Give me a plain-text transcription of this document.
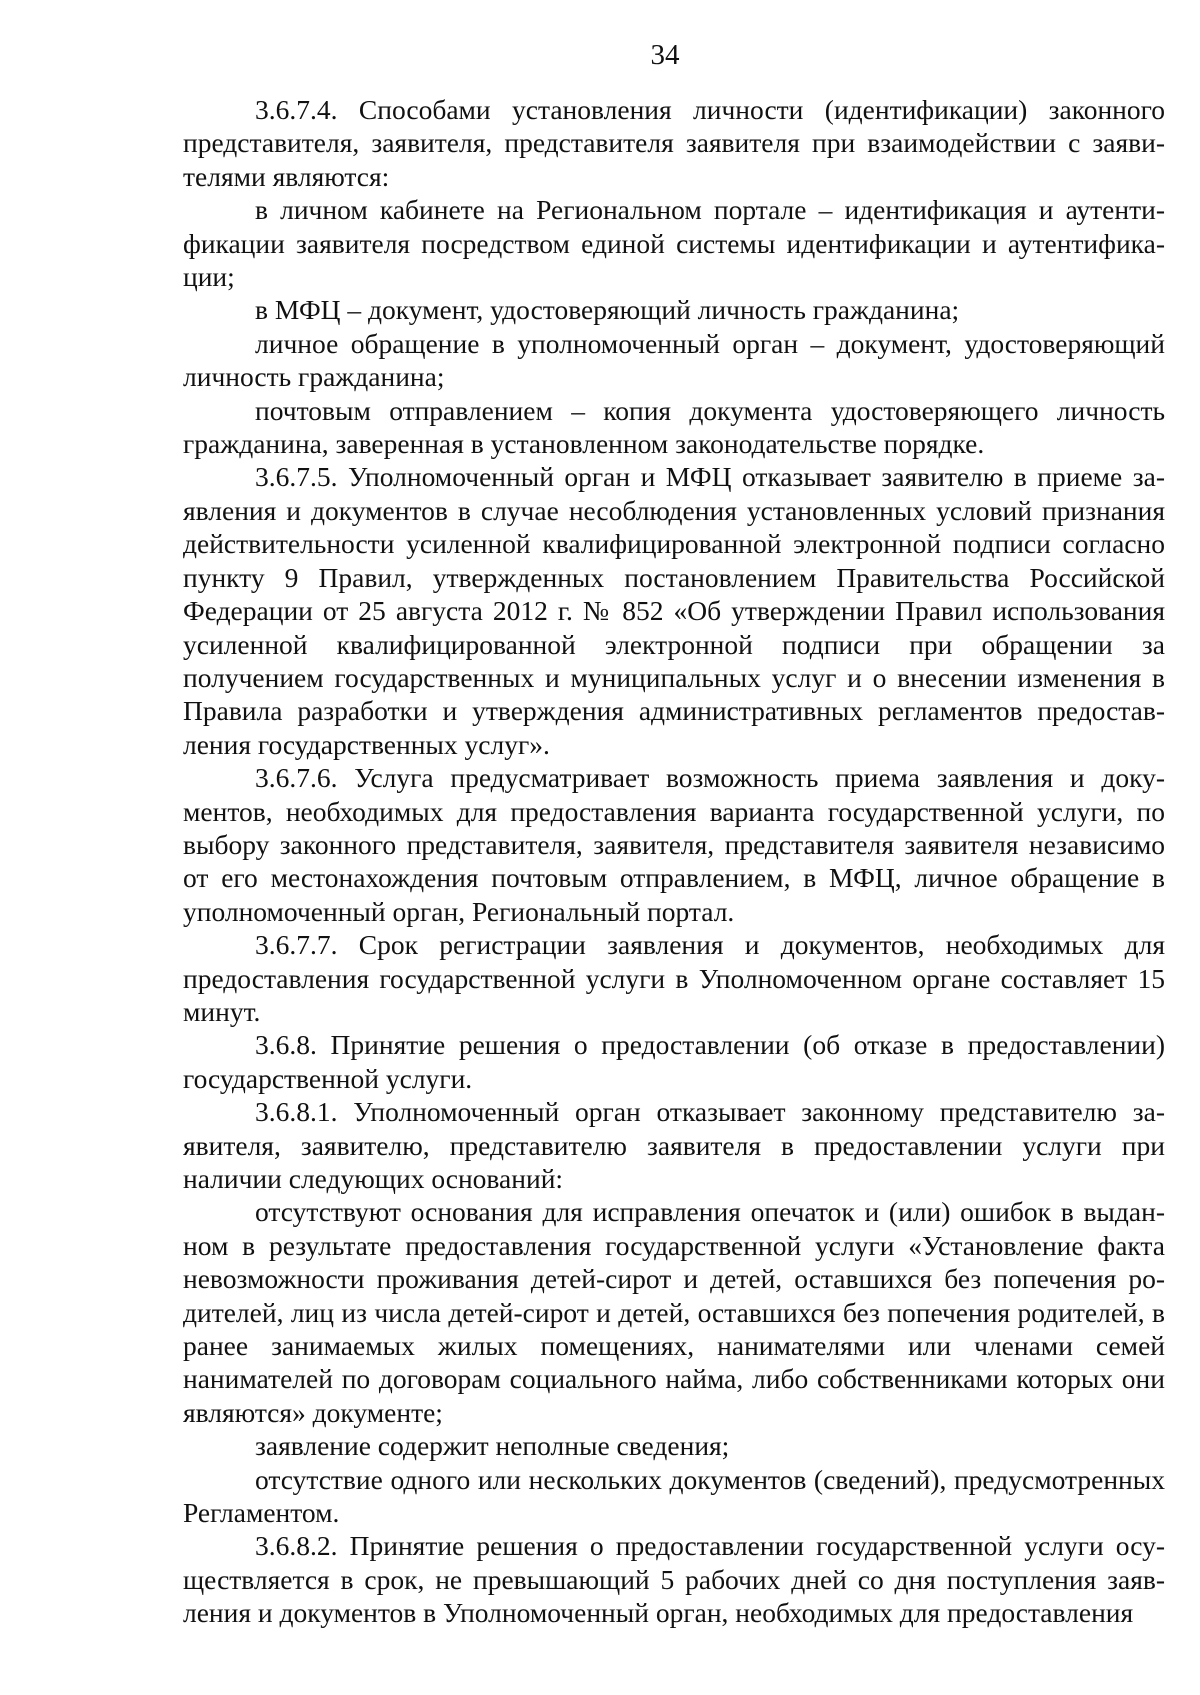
34

3.6.7.4. Способами установления личности (идентификации) законного представителя, заявителя, представителя заявителя при взаимодействии с заявителями являются:

в личном кабинете на Региональном портале – идентификация и аутентификации заявителя посредством единой системы идентификации и аутентификации;

в МФЦ – документ, удостоверяющий личность гражданина;

личное обращение в уполномоченный орган – документ, удостоверяющий личность гражданина;

почтовым отправлением – копия документа удостоверяющего личность гражданина, заверенная в установленном законодательстве порядке.

3.6.7.5. Уполномоченный орган и МФЦ отказывает заявителю в приеме заявления и документов в случае несоблюдения установленных условий признания действительности усиленной квалифицированной электронной подписи согласно пункту 9 Правил, утвержденных постановлением Правительства Российской Федерации от 25 августа 2012 г. № 852 «Об утверждении Правил использования усиленной квалифицированной электронной подписи при обращении за получением государственных и муниципальных услуг и о внесении изменения в Правила разработки и утверждения административных регламентов предоставления государственных услуг».

3.6.7.6. Услуга предусматривает возможность приема заявления и документов, необходимых для предоставления варианта государственной услуги, по выбору законного представителя, заявителя, представителя заявителя независимо от его местонахождения почтовым отправлением, в МФЦ, личное обращение в уполномоченный орган, Региональный портал.

3.6.7.7. Срок регистрации заявления и документов, необходимых для предоставления государственной услуги в Уполномоченном органе составляет 15 минут.

3.6.8. Принятие решения о предоставлении (об отказе в предоставлении) государственной услуги.

3.6.8.1. Уполномоченный орган отказывает законному представителю заявителя, заявителю, представителю заявителя в предоставлении услуги при наличии следующих оснований:

отсутствуют основания для исправления опечаток и (или) ошибок в выданном в результате предоставления государственной услуги «Установление факта невозможности проживания детей-сирот и детей, оставшихся без попечения родителей, лиц из числа детей-сирот и детей, оставшихся без попечения родителей, в ранее занимаемых жилых помещениях, нанимателями или членами семей нанимателей по договорам социального найма, либо собственниками которых они являются» документе;

заявление содержит неполные сведения;

отсутствие одного или нескольких документов (сведений), предусмотренных Регламентом.

3.6.8.2. Принятие решения о предоставлении государственной услуги осуществляется в срок, не превышающий 5 рабочих дней со дня поступления заявления и документов в Уполномоченный орган, необходимых для предоставления
